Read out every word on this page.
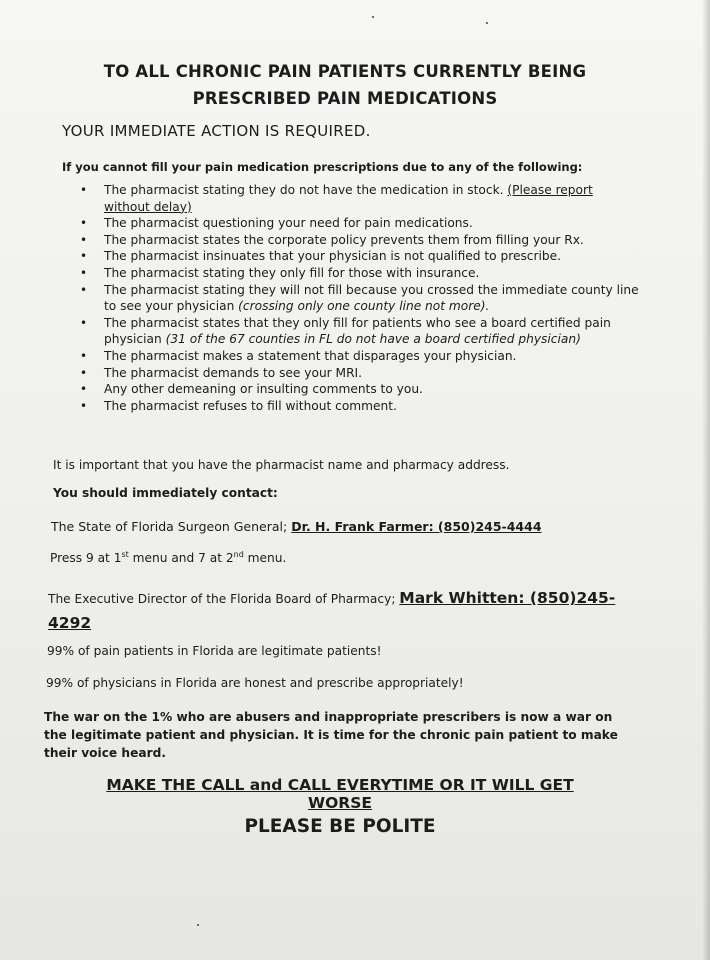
TO ALL CHRONIC PAIN PATIENTS CURRENTLY BEING
PRESCRIBED PAIN MEDICATIONS
YOUR IMMEDIATE ACTION IS REQUIRED.
If you cannot fill your pain medication prescriptions due to any of the following:
• The pharmacist stating they do not have the medication in stock. (Please report without delay)
• The pharmacist questioning your need for pain medications.
• The pharmacist states the corporate policy prevents them from filling your Rx.
• The pharmacist insinuates that your physician is not qualified to prescribe.
• The pharmacist stating they only fill for those with insurance.
• The pharmacist stating they will not fill because you crossed the immediate county line to see your physician (crossing only one county line not more).
• The pharmacist states that they only fill for patients who see a board certified pain physician (31 of the 67 counties in FL do not have a board certified physician)
• The pharmacist makes a statement that disparages your physician.
• The pharmacist demands to see your MRI.
• Any other demeaning or insulting comments to you.
• The pharmacist refuses to fill without comment.
It is important that you have the pharmacist name and pharmacy address.
You should immediately contact:
The State of Florida Surgeon General; Dr. H. Frank Farmer: (850)245-4444
Press 9 at 1st menu and 7 at 2nd menu.
The Executive Director of the Florida Board of Pharmacy; Mark Whitten: (850)245-
4292
99% of pain patients in Florida are legitimate patients!
99% of physicians in Florida are honest and prescribe appropriately!
The war on the 1% who are abusers and inappropriate prescribers is now a war on the legitimate patient and physician. It is time for the chronic pain patient to make their voice heard.
MAKE THE CALL and CALL EVERYTIME OR IT WILL GET WORSE
PLEASE BE POLITE
